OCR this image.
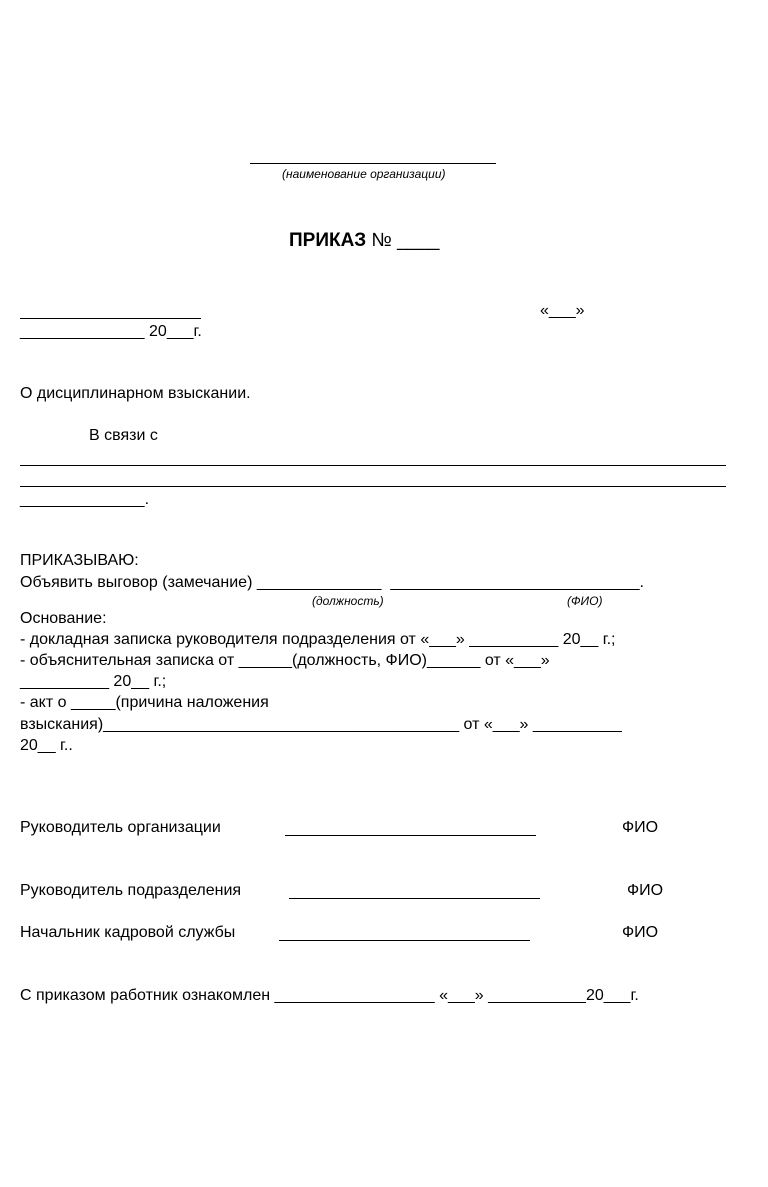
(наименование организации)
ПРИКАЗ № ____
«___»
______________ 20___г.
О дисциплинарном взыскании.
В связи с
______________.
ПРИКАЗЫВАЮ:
Объявить выговор (замечание) ______________  ____________________________.
(должность)	(ФИО)
Основание:
- докладная записка руководителя подразделения от «___» __________ 20__ г.;
- объяснительная записка от ______(должность, ФИО)______ от «___»
__________ 20__ г.;
- акт о _____(причина наложения
взыскания)________________________________________ от «___» __________
20__ г..
Руководитель организации	ФИО
Руководитель подразделения	ФИО
Начальник кадровой службы	ФИО
С приказом работник ознакомлен __________________ «___» ___________20___г.
